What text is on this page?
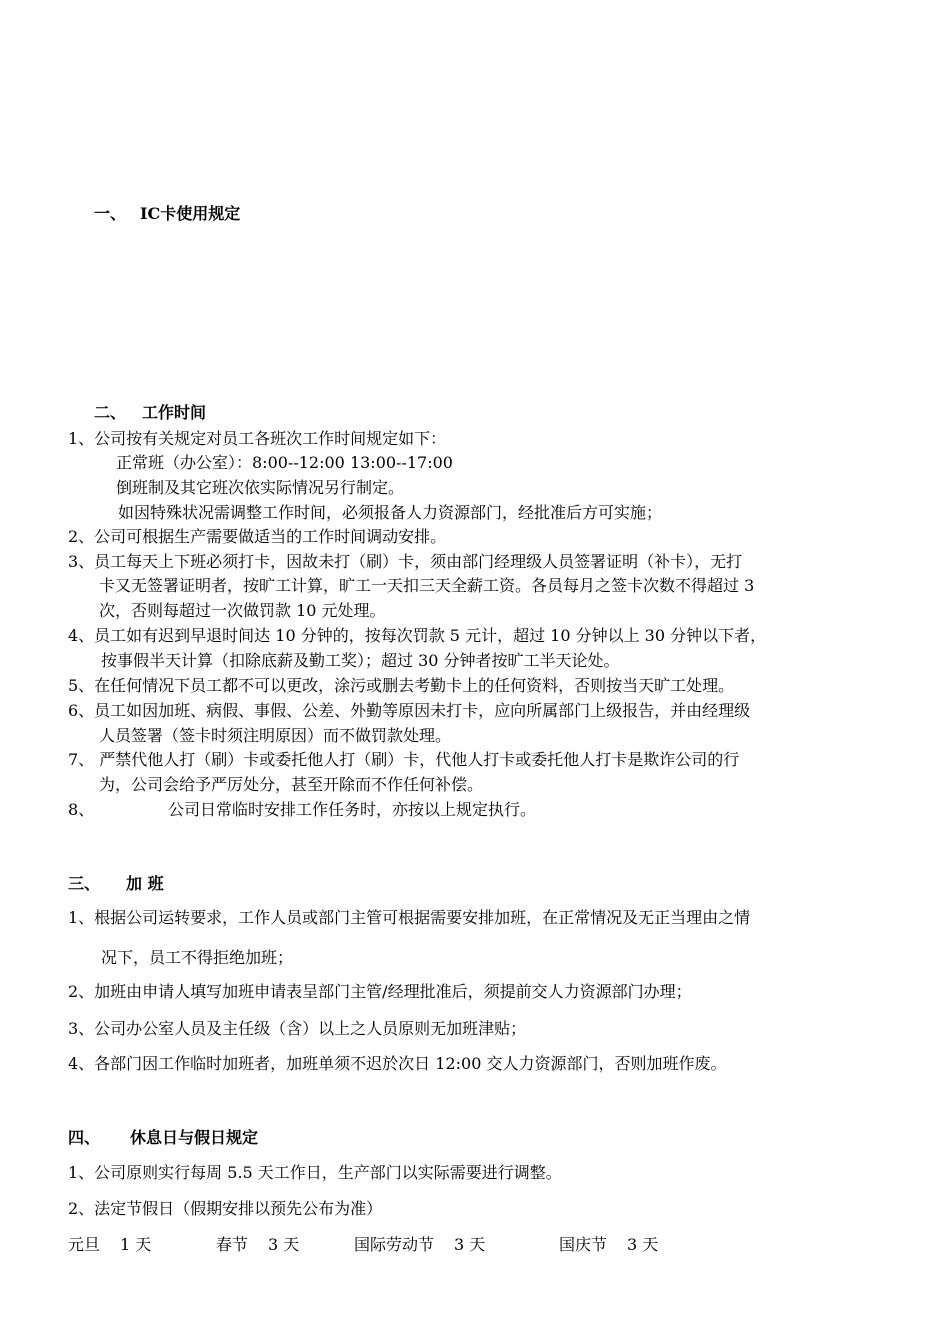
一、 IC卡使用规定
二、 工作时间
1、公司按有关规定对员工各班次工作时间规定如下：
正常班（办公室）：8:00--12:00 13:00--17:00
倒班制及其它班次依实际情况另行制定。
如因特殊状况需调整工作时间，必须报备人力资源部门，经批准后方可实施；
2、公司可根据生产需要做适当的工作时间调动安排。
3、员工每天上下班必须打卡，因故未打（刷）卡，须由部门经理级人员签署证明（补卡），无打
卡又无签署证明者，按旷工计算，旷工一天扣三天全薪工资。各员每月之签卡次数不得超过 3
次，否则每超过一次做罚款 10 元处理。
4、员工如有迟到早退时间达 10 分钟的，按每次罚款 5 元计，超过 10 分钟以上 30 分钟以下者，
按事假半天计算（扣除底薪及勤工奖）；超过 30 分钟者按旷工半天论处。
5、在任何情况下员工都不可以更改，涂污或删去考勤卡上的任何资料，否则按当天旷工处理。
6、员工如因加班、病假、事假、公差、外勤等原因未打卡，应向所属部门上级报告，并由经理级
人员签署（签卡时须注明原因）而不做罚款处理。
7、 严禁代他人打（刷）卡或委托他人打（刷）卡，代他人打卡或委托他人打卡是欺诈公司的行
为，公司会给予严厉处分，甚至开除而不作任何补偿。
8、	公司日常临时安排工作任务时，亦按以上规定执行。
三、 加 班
1、根据公司运转要求，工作人员或部门主管可根据需要安排加班，在正常情况及无正当理由之情
况下，员工不得拒绝加班；
2、加班由申请人填写加班申请表呈部门主管/经理批准后，须提前交人力资源部门办理；
3、公司办公室人员及主任级（含）以上之人员原则无加班津贴；
4、各部门因工作临时加班者，加班单须不迟於次日 12:00 交人力资源部门，否则加班作废。
四、 休息日与假日规定
1、公司原则实行每周 5.5 天工作日，生产部门以实际需要进行调整。
2、法定节假日（假期安排以预先公布为准）
元旦 1 天	春节 3 天	国际劳动节 3 天	国庆节 3 天
